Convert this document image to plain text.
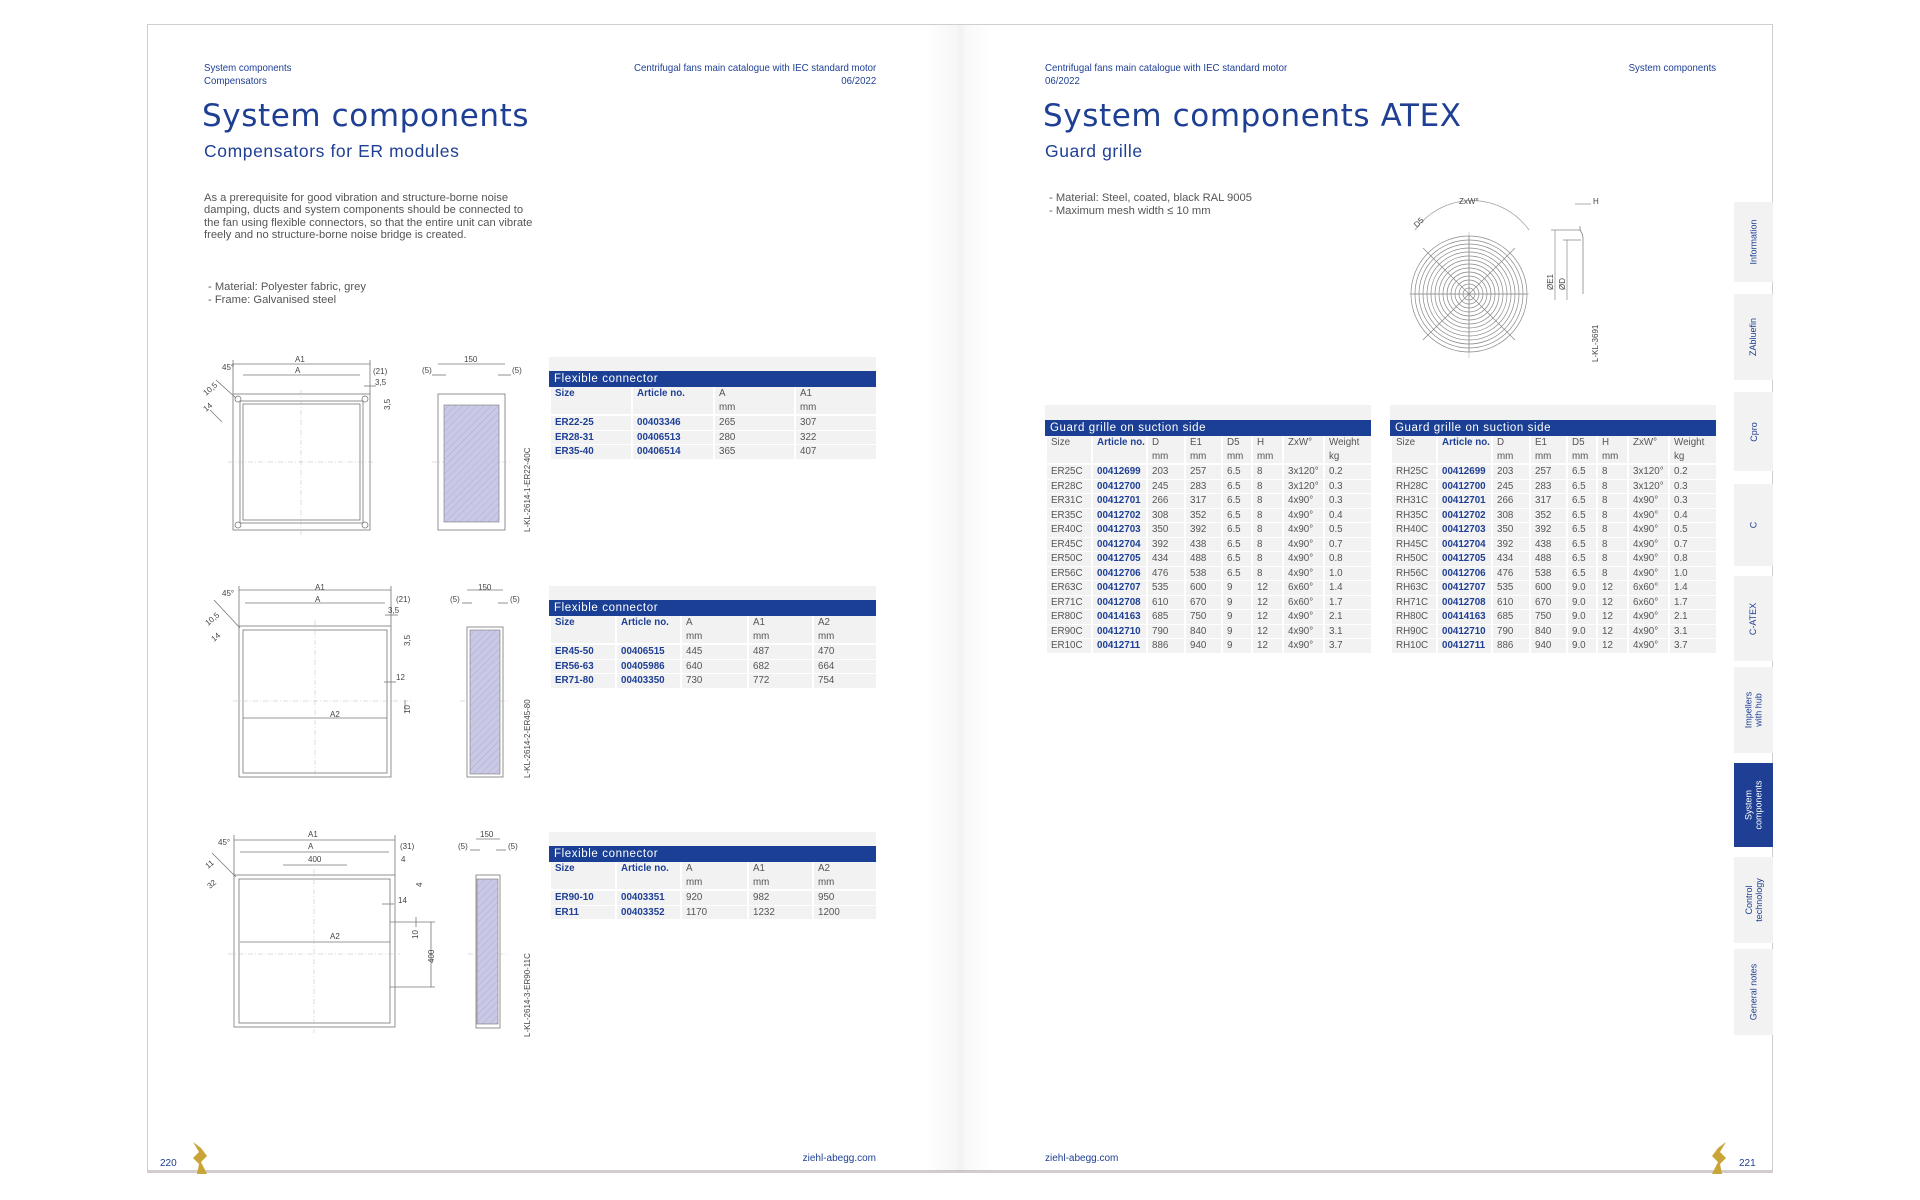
System components
Compensators
Centrifugal fans main catalogue with IEC standard motor
06/2022
System components
Compensators for ER modules
As a prerequisite for good vibration and structure-borne noise
damping, ducts and system components should be connected to
the fan using flexible connectors, so that the entire unit can vibrate
freely and no structure-borne noise bridge is created.
- Material: Polyester fabric, grey
- Frame: Galvanised steel
A1
A
45°
10,5
14
(21)
3,5
3,5
150
(5)	(5)
L-KL-2614-1-ER22-40C
A1
A
A2
45°
10,5
14
(21)
3,5
3,5
12
10
150
(5)	(5)
L-KL-2614-2-ER45-80
A1
A
400
A2
45°
11
32
(31)
4
4
14
10
400
150
(5)	(5)
L-KL-2614-3-ER90-11C
Flexible connector
Size	Article no.	A	A1
		mm	mm
ER22-25	00403346	265	307
ER28-31	00406513	280	322
ER35-40	00406514	365	407
Flexible connector
Size	Article no.	A	A1	A2
		mm	mm	mm
ER45-50	00406515	445	487	470
ER56-63	00405986	640	682	664
ER71-80	00403350	730	772	754
Flexible connector
Size	Article no.	A	A1	A2
		mm	mm	mm
ER90-10	00403351	920	982	950
ER11	00403352	1170	1232	1200
220	ziehl-abegg.com
Centrifugal fans main catalogue with IEC standard motor
06/2022
System components
System components ATEX
Guard grille
- Material: Steel, coated, black RAL 9005
- Maximum mesh width ≤ 10 mm
ZxW°
D5
H
ØE1 ØD
L-KL-3691
Guard grille on suction side
Size	Article no.	D	E1	D5	H	ZxW°	Weight
		mm	mm	mm	mm		kg
ER25C	00412699	203	257	6.5	8	3x120°	0.2
ER28C	00412700	245	283	6.5	8	3x120°	0.3
ER31C	00412701	266	317	6.5	8	4x90°	0.3
ER35C	00412702	308	352	6.5	8	4x90°	0.4
ER40C	00412703	350	392	6.5	8	4x90°	0.5
ER45C	00412704	392	438	6.5	8	4x90°	0.7
ER50C	00412705	434	488	6.5	8	4x90°	0.8
ER56C	00412706	476	538	6.5	8	4x90°	1.0
ER63C	00412707	535	600	9	12	6x60°	1.4
ER71C	00412708	610	670	9	12	6x60°	1.7
ER80C	00414163	685	750	9	12	4x90°	2.1
ER90C	00412710	790	840	9	12	4x90°	3.1
ER10C	00412711	886	940	9	12	4x90°	3.7
Guard grille on suction side
Size	Article no.	D	E1	D5	H	ZxW°	Weight
		mm	mm	mm	mm		kg
RH25C	00412699	203	257	6.5	8	3x120°	0.2
RH28C	00412700	245	283	6.5	8	3x120°	0.3
RH31C	00412701	266	317	6.5	8	4x90°	0.3
RH35C	00412702	308	352	6.5	8	4x90°	0.4
RH40C	00412703	350	392	6.5	8	4x90°	0.5
RH45C	00412704	392	438	6.5	8	4x90°	0.7
RH50C	00412705	434	488	6.5	8	4x90°	0.8
RH56C	00412706	476	538	6.5	8	4x90°	1.0
RH63C	00412707	535	600	9.0	12	6x60°	1.4
RH71C	00412708	610	670	9.0	12	6x60°	1.7
RH80C	00414163	685	750	9.0	12	4x90°	2.1
RH90C	00412710	790	840	9.0	12	4x90°	3.1
RH10C	00412711	886	940	9.0	12	4x90°	3.7
ziehl-abegg.com	221
Information
ZAbluefin
Cpro
C
C-ATEX
Impellers with hub
System components
Control technology
General notes
